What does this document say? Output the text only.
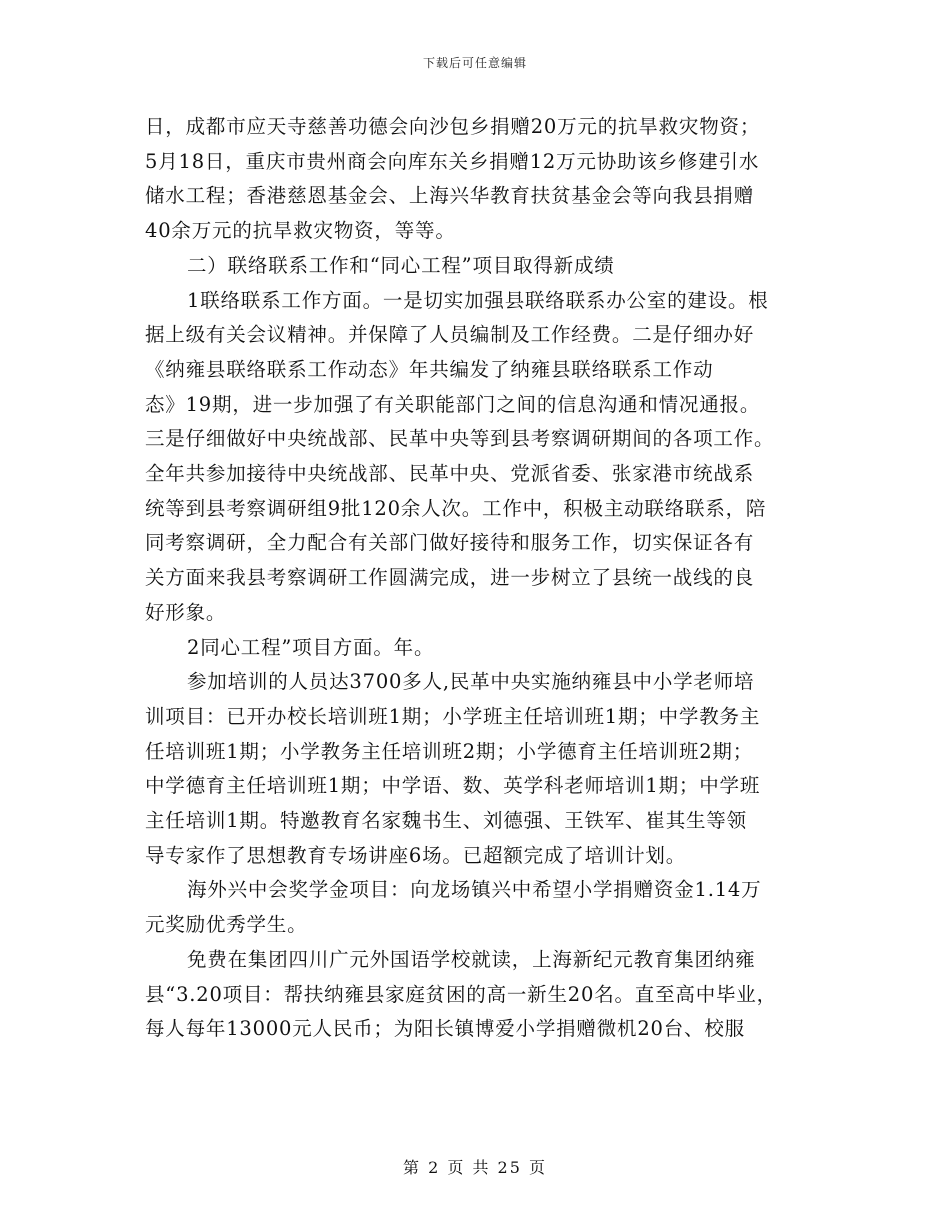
下载后可任意编辑
日，成都市应天寺慈善功德会向沙包乡捐赠20万元的抗旱救灾物资；
5月18日，重庆市贵州商会向库东关乡捐赠12万元协助该乡修建引水
储水工程；香港慈恩基金会、上海兴华教育扶贫基金会等向我县捐赠
40余万元的抗旱救灾物资，等等。
二）联络联系工作和“同心工程”项目取得新成绩
1联络联系工作方面。一是切实加强县联络联系办公室的建设。根
据上级有关会议精神。并保障了人员编制及工作经费。二是仔细办好
《纳雍县联络联系工作动态》年共编发了纳雍县联络联系工作动
态》19期，进一步加强了有关职能部门之间的信息沟通和情况通报。
三是仔细做好中央统战部、民革中央等到县考察调研期间的各项工作。
全年共参加接待中央统战部、民革中央、党派省委、张家港市统战系
统等到县考察调研组9批120余人次。工作中，积极主动联络联系，陪
同考察调研，全力配合有关部门做好接待和服务工作，切实保证各有
关方面来我县考察调研工作圆满完成，进一步树立了县统一战线的良
好形象。
2同心工程”项目方面。年。
参加培训的人员达3700多人,民革中央实施纳雍县中小学老师培
训项目：已开办校长培训班1期；小学班主任培训班1期；中学教务主
任培训班1期；小学教务主任培训班2期；小学德育主任培训班2期；
中学德育主任培训班1期；中学语、数、英学科老师培训1期；中学班
主任培训1期。特邀教育名家魏书生、刘德强、王铁军、崔其生等领
导专家作了思想教育专场讲座6场。已超额完成了培训计划。
海外兴中会奖学金项目：向龙场镇兴中希望小学捐赠资金1.14万
元奖励优秀学生。
免费在集团四川广元外国语学校就读，上海新纪元教育集团纳雍
县“3.20项目：帮扶纳雍县家庭贫困的高一新生20名。直至高中毕业，
每人每年13000元人民币；为阳长镇博爱小学捐赠微机20台、校服
第 2 页 共 25 页
